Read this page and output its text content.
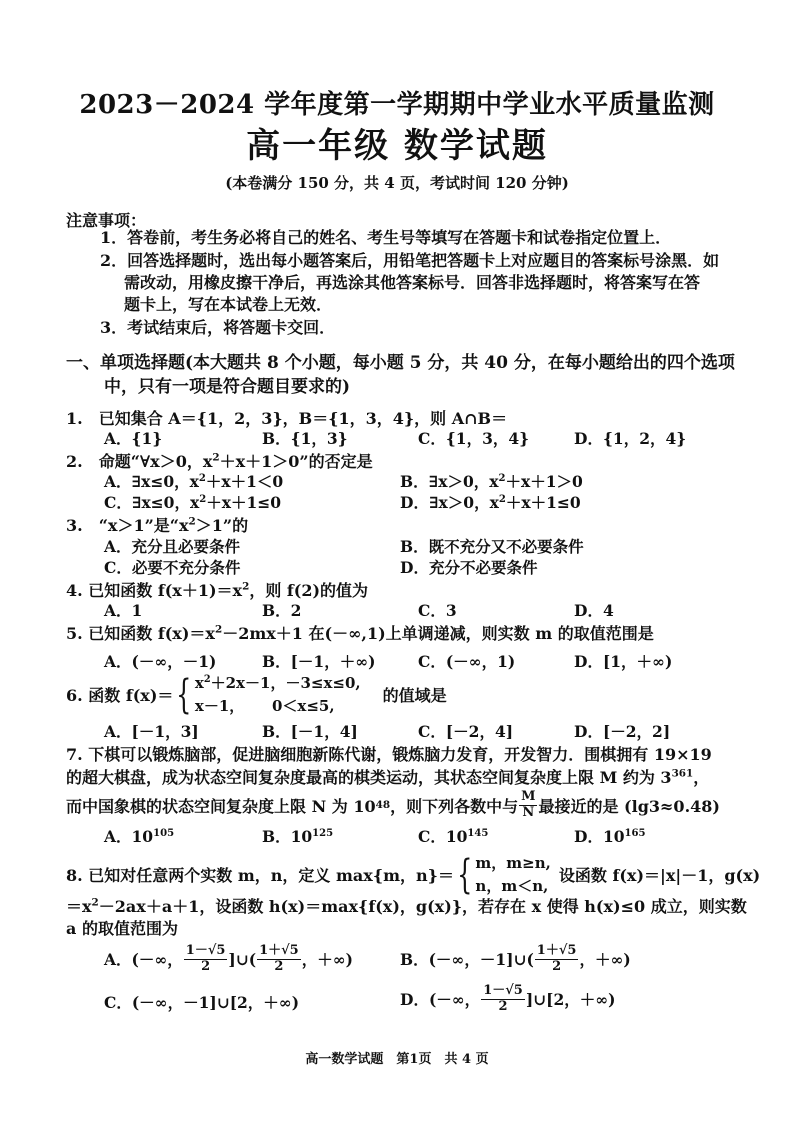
2023－2024 学年度第一学期期中学业水平质量监测
高一年级 数学试题
(本卷满分 150 分，共 4 页，考试时间 120 分钟)
注意事项：
1．答卷前，考生务必将自己的姓名、考生号等填写在答题卡和试卷指定位置上．
2．回答选择题时，选出每小题答案后，用铅笔把答题卡上对应题目的答案标号涂黑．如
需改动，用橡皮擦干净后，再选涂其他答案标号．回答非选择题时，将答案写在答
题卡上，写在本试卷上无效．
3．考试结束后，将答题卡交回．
一、单项选择题(本大题共 8 个小题，每小题 5 分，共 40 分，在每小题给出的四个选项
中，只有一项是符合题目要求的)
1.　已知集合 A＝{1，2，3}，B＝{1，3，4}，则 A∩B＝
A．{1}	B．{1，3}	C．{1，3，4}	D．{1，2，4}
2.　命题“∀x＞0，$x^2+x+1>0$”的否定是
A．∃x≤0，$x^2+x+1<0$	B．∃x＞0，$x^2+x+1>0$
C．∃x≤0，$x^2+x+1\le 0$	D．∃x＞0，$x^2+x+1\le 0$
3.　“x＞1”是“$x^2>1$”的
A．充分且必要条件	B．既不充分又不必要条件
C．必要不充分条件	D．充分不必要条件
4. 已知函数 $f(x+1)=x^2$，则 f(2)的值为
A．1	B．2	C．3	D．4
5. 已知函数 $f(x)=x^2-2mx+1$ 在(－∞,1)上单调递减，则实数 m 的取值范围是
A．(－∞，－1)	B．[－1，＋∞)	C．(－∞，1)	D．[1，＋∞)
6. 函数 f(x)＝ { $x^2+2x-1$，－3≤x≤0,
x－1，　　 0＜x≤5,
的值域是
A．[－1，3]	B．[－1，4]	C．[－2，4]	D．[－2，2]
7. 下棋可以锻炼脑部，促进脑细胞新陈代谢，锻炼脑力发育，开发智力．围棋拥有 19×19
的超大棋盘，成为状态空间复杂度最高的棋类运动，其状态空间复杂度上限 M 约为 $3^{361}$，
而中国象棋的状态空间复杂度上限 N 为 10 48 ，则下列各数中与 $\frac{M}{N}$ 最接近的是 (lg3≈0.48)
A．$10^{105}$	B．$10^{125}$	C．$10^{145}$	D．$10^{165}$
8. 已知对任意两个实数 m，n，定义 max{m，n}＝ { m，m≥n,
n，m＜n,
设函数 f(x)＝|x|－1，g(x)
$=x^2-2ax+a+1$，设函数 h(x)＝max{f(x)，g(x)}，若存在 x 使得 h(x)≤0 成立，则实数
a 的取值范围为
A．(－∞， $\frac{1-√5}{2}$ ]∪( $\frac{1+√5}{2}$ ，＋∞)	B．(－∞，－1]∪( $\frac{1+√5}{2}$ ，＋∞)
C．(－∞，－1]∪[2，＋∞)	D．(－∞， $\frac{1-√5}{2}$ ]∪[2，＋∞)
高一数学试题　第1页　共 4 页
